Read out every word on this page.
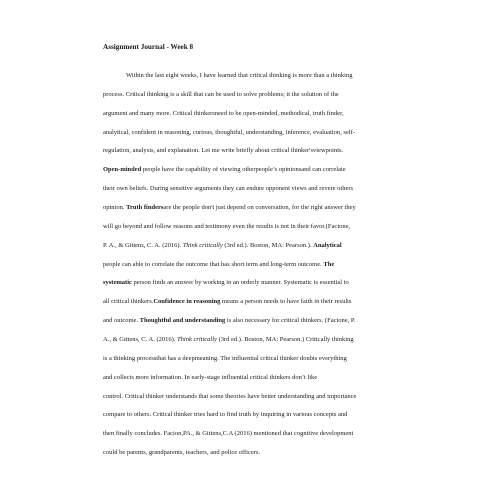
Assignment Journal - Week 8
Within the last eight weeks, I have learned that critical thinking is more than a thinking
process. Critical thinking is a skill that can be used to solve problems; it the solution of the
argument and many more. Critical thinkersneed to be open-minded, methodical, truth finder,
analytical, confident in reasoning, curious, thoughtful, understanding, inference, evaluation, self-
regulation, analysis, and explanation. Let me write briefly about critical thinker'sviewpoints.
Open-minded people have the capability of viewing otherpeople’s opinionsand can correlate
their own beliefs. During sensitive arguments they can endure opponent views and revere others
opinion. Truth findersare the people don't just depend on conversation, for the right answer they
will go beyond and follow reasons and testimony even the results is not in their favor.(Facione,
P. A., & Gittens, C. A. (2016). Think critically (3rd ed.). Boston, MA: Pearson.). Analytical
people can able to correlate the outcome that has short term and long-term outcome. The
systematic person finds an answer by working in an orderly manner. Systematic is essential to
all critical thinkers.Confidence in reasoning means a person needs to have faith in their results
and outcome. Thoughtful and understanding is also necessary for critical thinkers. (Facione, P.
A., & Gittens, C. A. (2016). Think critically (3rd ed.). Boston, MA: Pearson.) Critically thinking
is a thinking processthat has a deepmeaning. The influential critical thinker doubts everything
and collects more information. In early-stage influential critical thinkers don’t like
control. Critical thinker understands that some theories have better understanding and importance
compare to others. Critical thinker tries hard to find truth by inquiring in various concepts and
then finally concludes. Facion,PA., & Gittens,C.A (2016) mentioned that cognitive development
could be parents, grandparents, teachers, and police officers.
